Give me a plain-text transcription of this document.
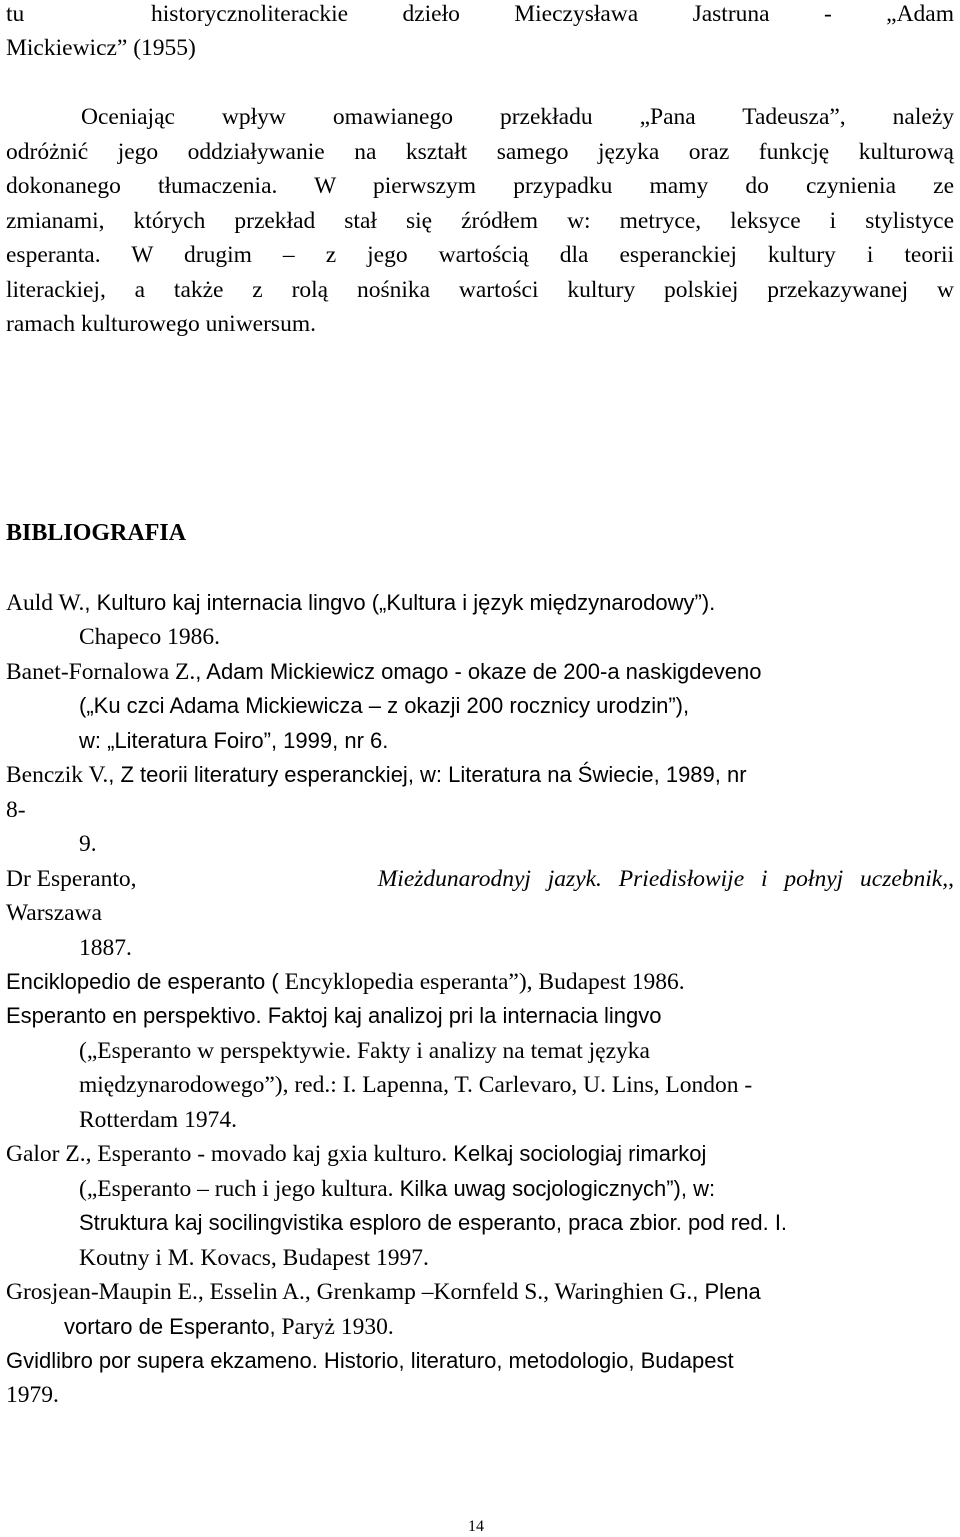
tu	historycznoliterackie dzieło Mieczysława Jastruna - „Adam
Mickiewicz” (1955)
Oceniając wpływ omawianego przekładu „Pana Tadeusza”, należy
odróżnić jego oddziaływanie na kształt samego języka oraz funkcję kulturową
dokonanego tłumaczenia. W pierwszym przypadku mamy do czynienia ze
zmianami, których przekład stał się źródłem w: metryce, leksyce i stylistyce
esperanta. W drugim – z jego wartością dla esperanckiej kultury i teorii
literackiej, a także z rolą nośnika wartości kultury polskiej przekazywanej w
ramach kulturowego uniwersum.
BIBLIOGRAFIA
Auld W., Kulturo kaj internacia lingvo („Kultura i język międzynarodowy”).
Chapeco 1986.
Banet-Fornalowa Z., Adam Mickiewicz omago - okaze de 200-a naskigdeveno
(„Ku czci Adama Mickiewicza – z okazji 200 rocznicy urodzin”),
w: „Literatura Foiro”, 1999, nr 6.
Benczik V., Z teorii literatury esperanckiej, w: Literatura na Świecie, 1989, nr
8-
9.
Dr Esperanto,	Mieżdunarodnyj jazyk. Priedisłowije i połnyj uczebnik,,
Warszawa
1887.
Enciklopedio de esperanto ( Encyklopedia esperanta”), Budapest 1986.
Esperanto en perspektivo. Faktoj kaj analizoj pri la internacia lingvo
(„Esperanto w perspektywie. Fakty i analizy na temat języka
międzynarodowego”), red.: I. Lapenna, T. Carlevaro, U. Lins, London -
Rotterdam 1974.
Galor Z., Esperanto - movado kaj gxia kulturo. Kelkaj sociologiaj rimarkoj
(„Esperanto – ruch i jego kultura. Kilka uwag socjologicznych”), w:
Struktura kaj socilingvistika esploro de esperanto, praca zbior. pod red. I.
Koutny i M. Kovacs, Budapest 1997.
Grosjean-Maupin E., Esselin A., Grenkamp –Kornfeld S., Waringhien G., Plena
vortaro de Esperanto, Paryż 1930.
Gvidlibro por supera ekzameno. Historio, literaturo, metodologio, Budapest
1979.
14
